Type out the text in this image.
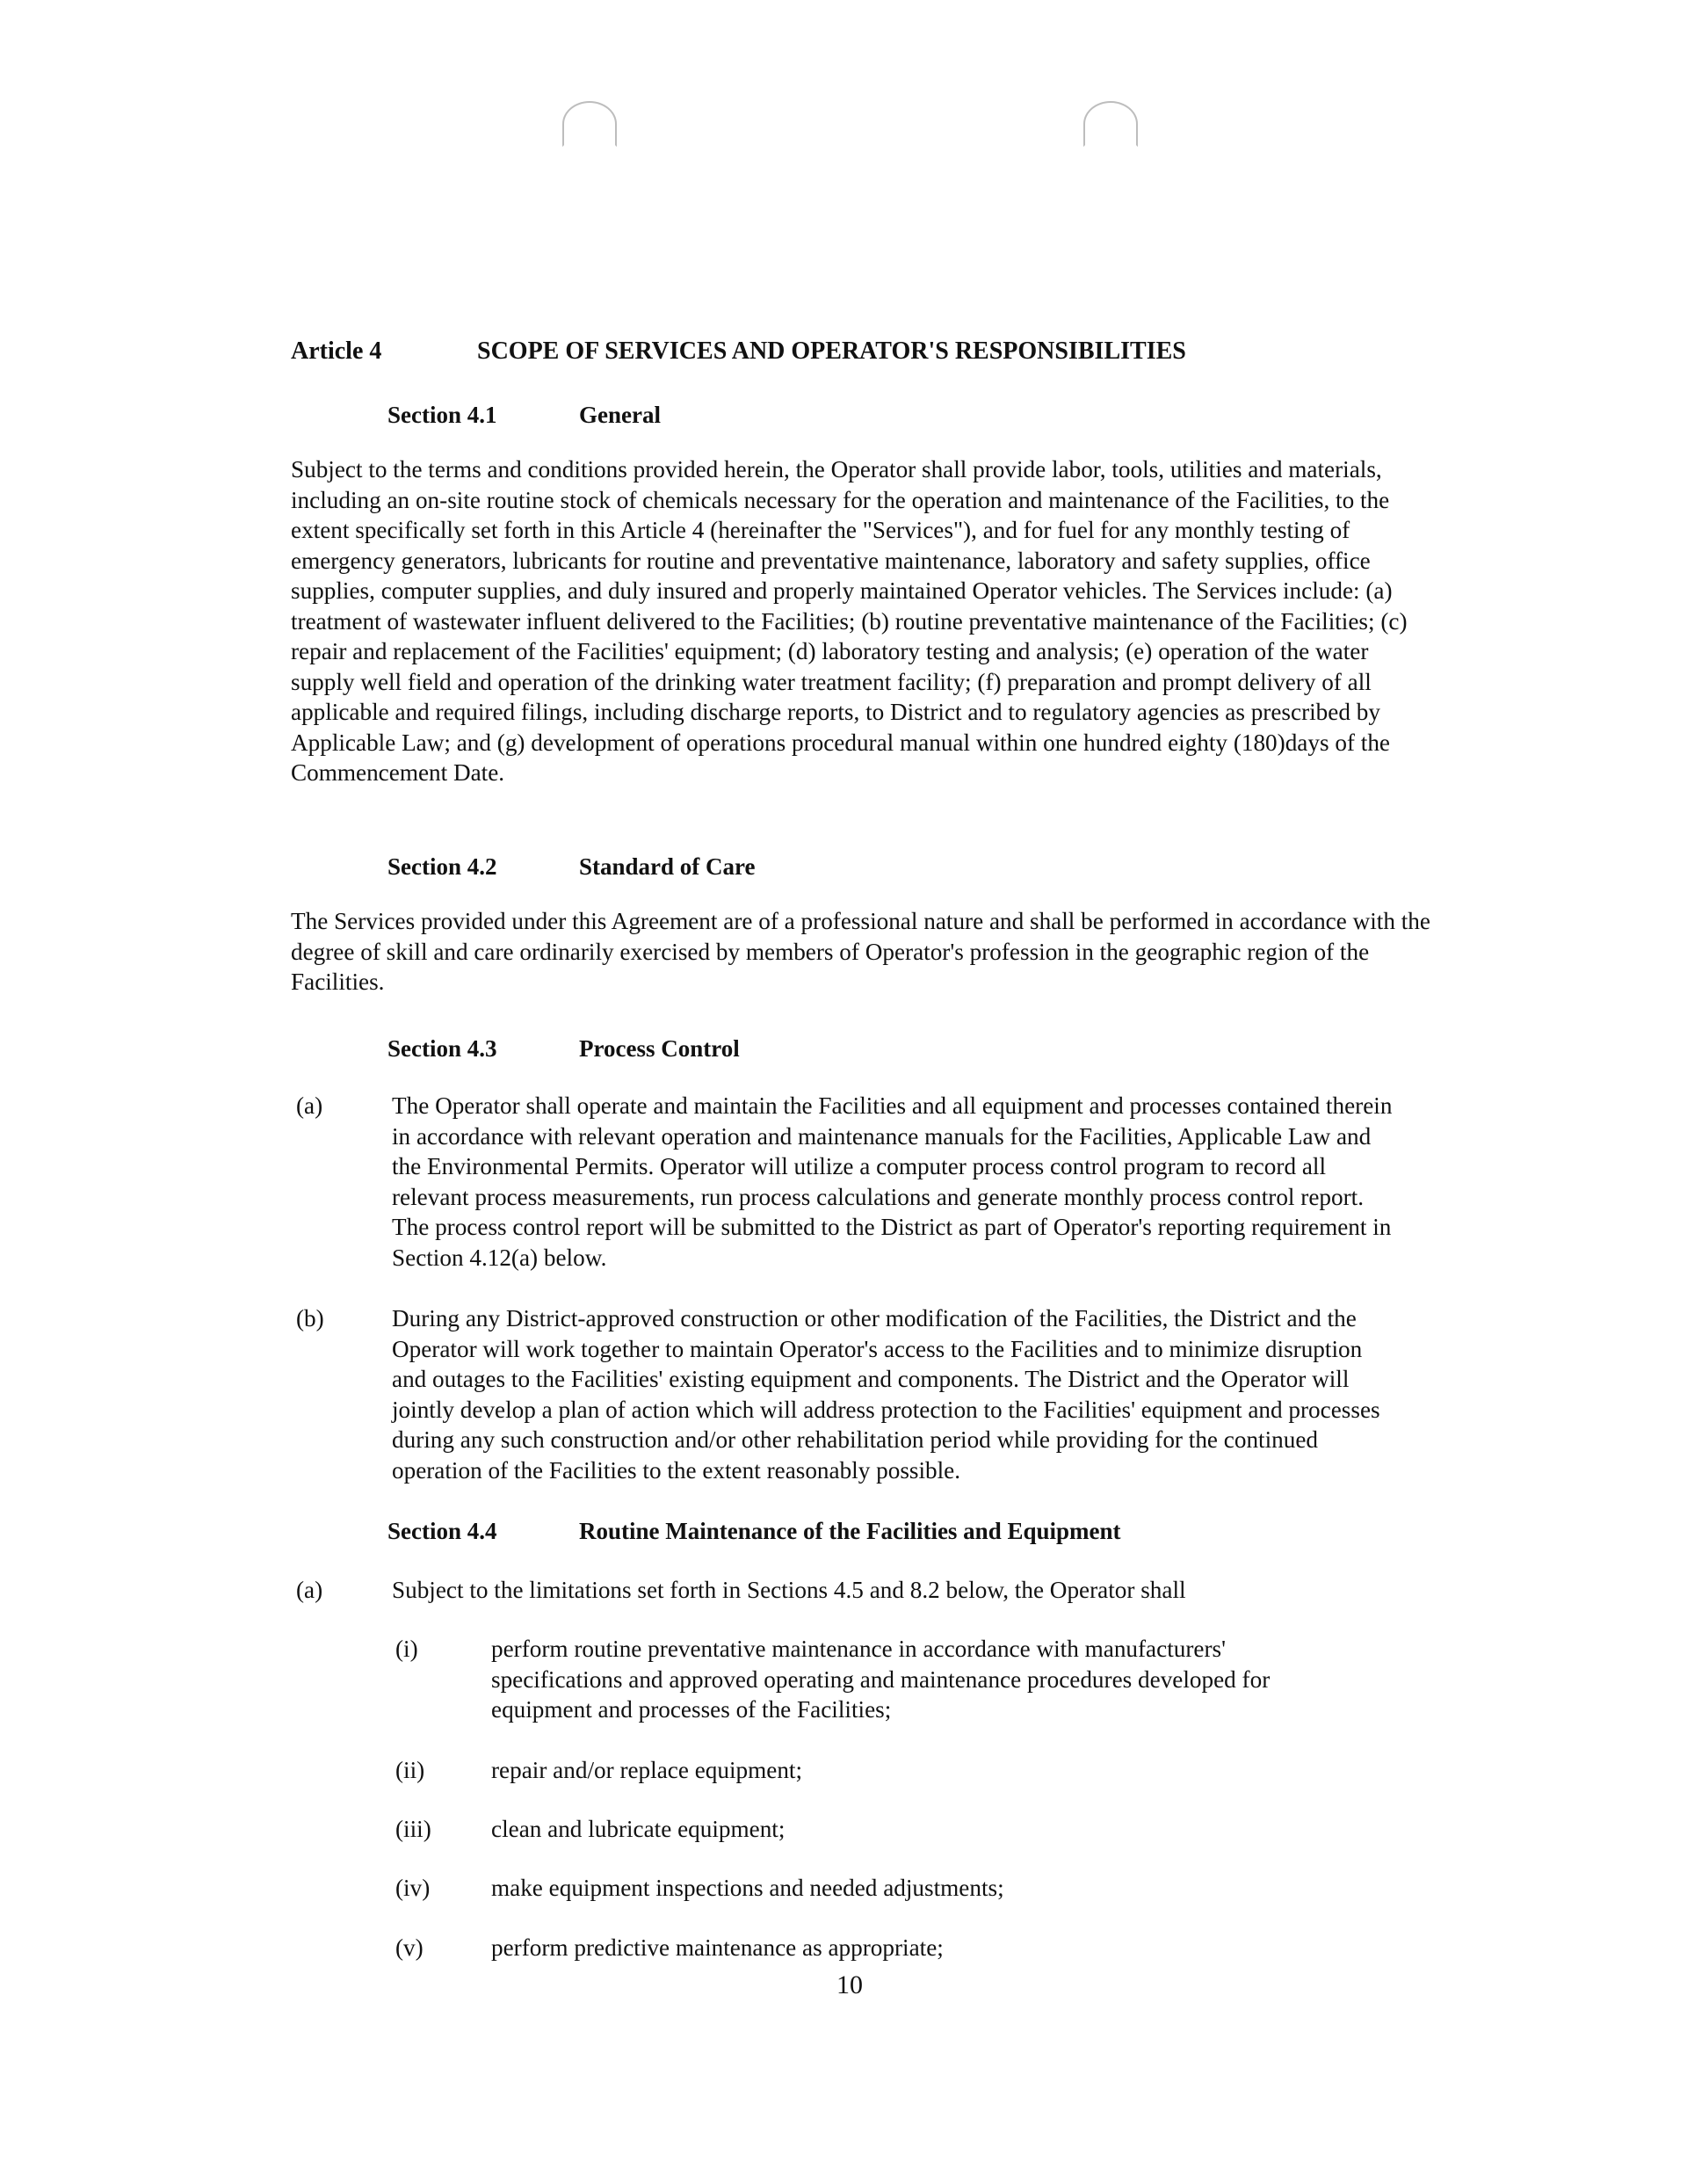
Article 4	SCOPE OF SERVICES AND OPERATOR'S RESPONSIBILITIES
Section 4.1	General
Subject to the terms and conditions provided herein, the Operator shall provide labor, tools, utilities and materials, including an on-site routine stock of chemicals necessary for the operation and maintenance of the Facilities, to the extent specifically set forth in this Article 4 (hereinafter the "Services"), and for fuel for any monthly testing of emergency generators, lubricants for routine and preventative maintenance, laboratory and safety supplies, office supplies, computer supplies, and duly insured and properly maintained Operator vehicles. The Services include: (a) treatment of wastewater influent delivered to the Facilities; (b) routine preventative maintenance of the Facilities; (c) repair and replacement of the Facilities' equipment; (d) laboratory testing and analysis; (e) operation of the water supply well field and operation of the drinking water treatment facility; (f) preparation and prompt delivery of all applicable and required filings, including discharge reports, to District and to regulatory agencies as prescribed by Applicable Law; and (g) development of operations procedural manual within one hundred eighty (180)days of the Commencement Date.
Section 4.2	Standard of Care
The Services provided under this Agreement are of a professional nature and shall be performed in accordance with the degree of skill and care ordinarily exercised by members of Operator's profession in the geographic region of the Facilities.
Section 4.3	Process Control
(a)	The Operator shall operate and maintain the Facilities and all equipment and processes contained therein in accordance with relevant operation and maintenance manuals for the Facilities, Applicable Law and the Environmental Permits. Operator will utilize a computer process control program to record all relevant process measurements, run process calculations and generate monthly process control report. The process control report will be submitted to the District as part of Operator's reporting requirement in Section 4.12(a) below.
(b)	During any District-approved construction or other modification of the Facilities, the District and the Operator will work together to maintain Operator's access to the Facilities and to minimize disruption and outages to the Facilities' existing equipment and components. The District and the Operator will jointly develop a plan of action which will address protection to the Facilities' equipment and processes during any such construction and/or other rehabilitation period while providing for the continued operation of the Facilities to the extent reasonably possible.
Section 4.4	Routine Maintenance of the Facilities and Equipment
(a)	Subject to the limitations set forth in Sections 4.5 and 8.2 below, the Operator shall
(i)	perform routine preventative maintenance in accordance with manufacturers' specifications and approved operating and maintenance procedures developed for equipment and processes of the Facilities;
(ii)	repair and/or replace equipment;
(iii)	clean and lubricate equipment;
(iv)	make equipment inspections and needed adjustments;
(v)	perform predictive maintenance as appropriate;
10
